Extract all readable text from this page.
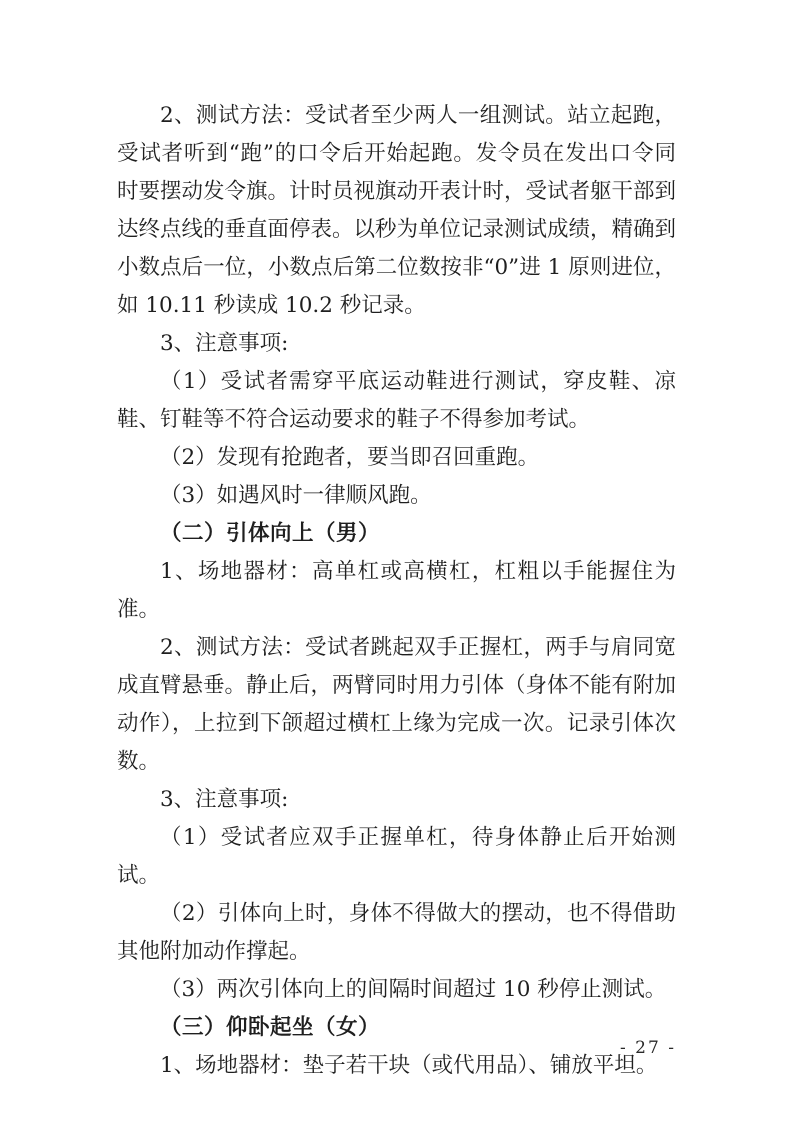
2、测试方法：受试者至少两人一组测试。站立起跑，受试者听到“跑”的口令后开始起跑。发令员在发出口令同时要摆动发令旗。计时员视旗动开表计时，受试者躯干部到达终点线的垂直面停表。以秒为单位记录测试成绩，精确到小数点后一位，小数点后第二位数按非“0”进 1 原则进位，如 10.11 秒读成 10.2 秒记录。

3、注意事项:

（1）受试者需穿平底运动鞋进行测试，穿皮鞋、凉鞋、钉鞋等不符合运动要求的鞋子不得参加考试。

（2）发现有抢跑者，要当即召回重跑。

（3）如遇风时一律顺风跑。

（二）引体向上（男）

1、场地器材：高单杠或高横杠，杠粗以手能握住为准。

2、测试方法：受试者跳起双手正握杠，两手与肩同宽成直臂悬垂。静止后，两臂同时用力引体（身体不能有附加动作），上拉到下颌超过横杠上缘为完成一次。记录引体次数。

3、注意事项:

（1）受试者应双手正握单杠，待身体静止后开始测试。

（2）引体向上时，身体不得做大的摆动，也不得借助其他附加动作撑起。

（3）两次引体向上的间隔时间超过 10 秒停止测试。

（三）仰卧起坐（女）

1、场地器材：垫子若干块（或代用品）、铺放平坦。

- 27 -
